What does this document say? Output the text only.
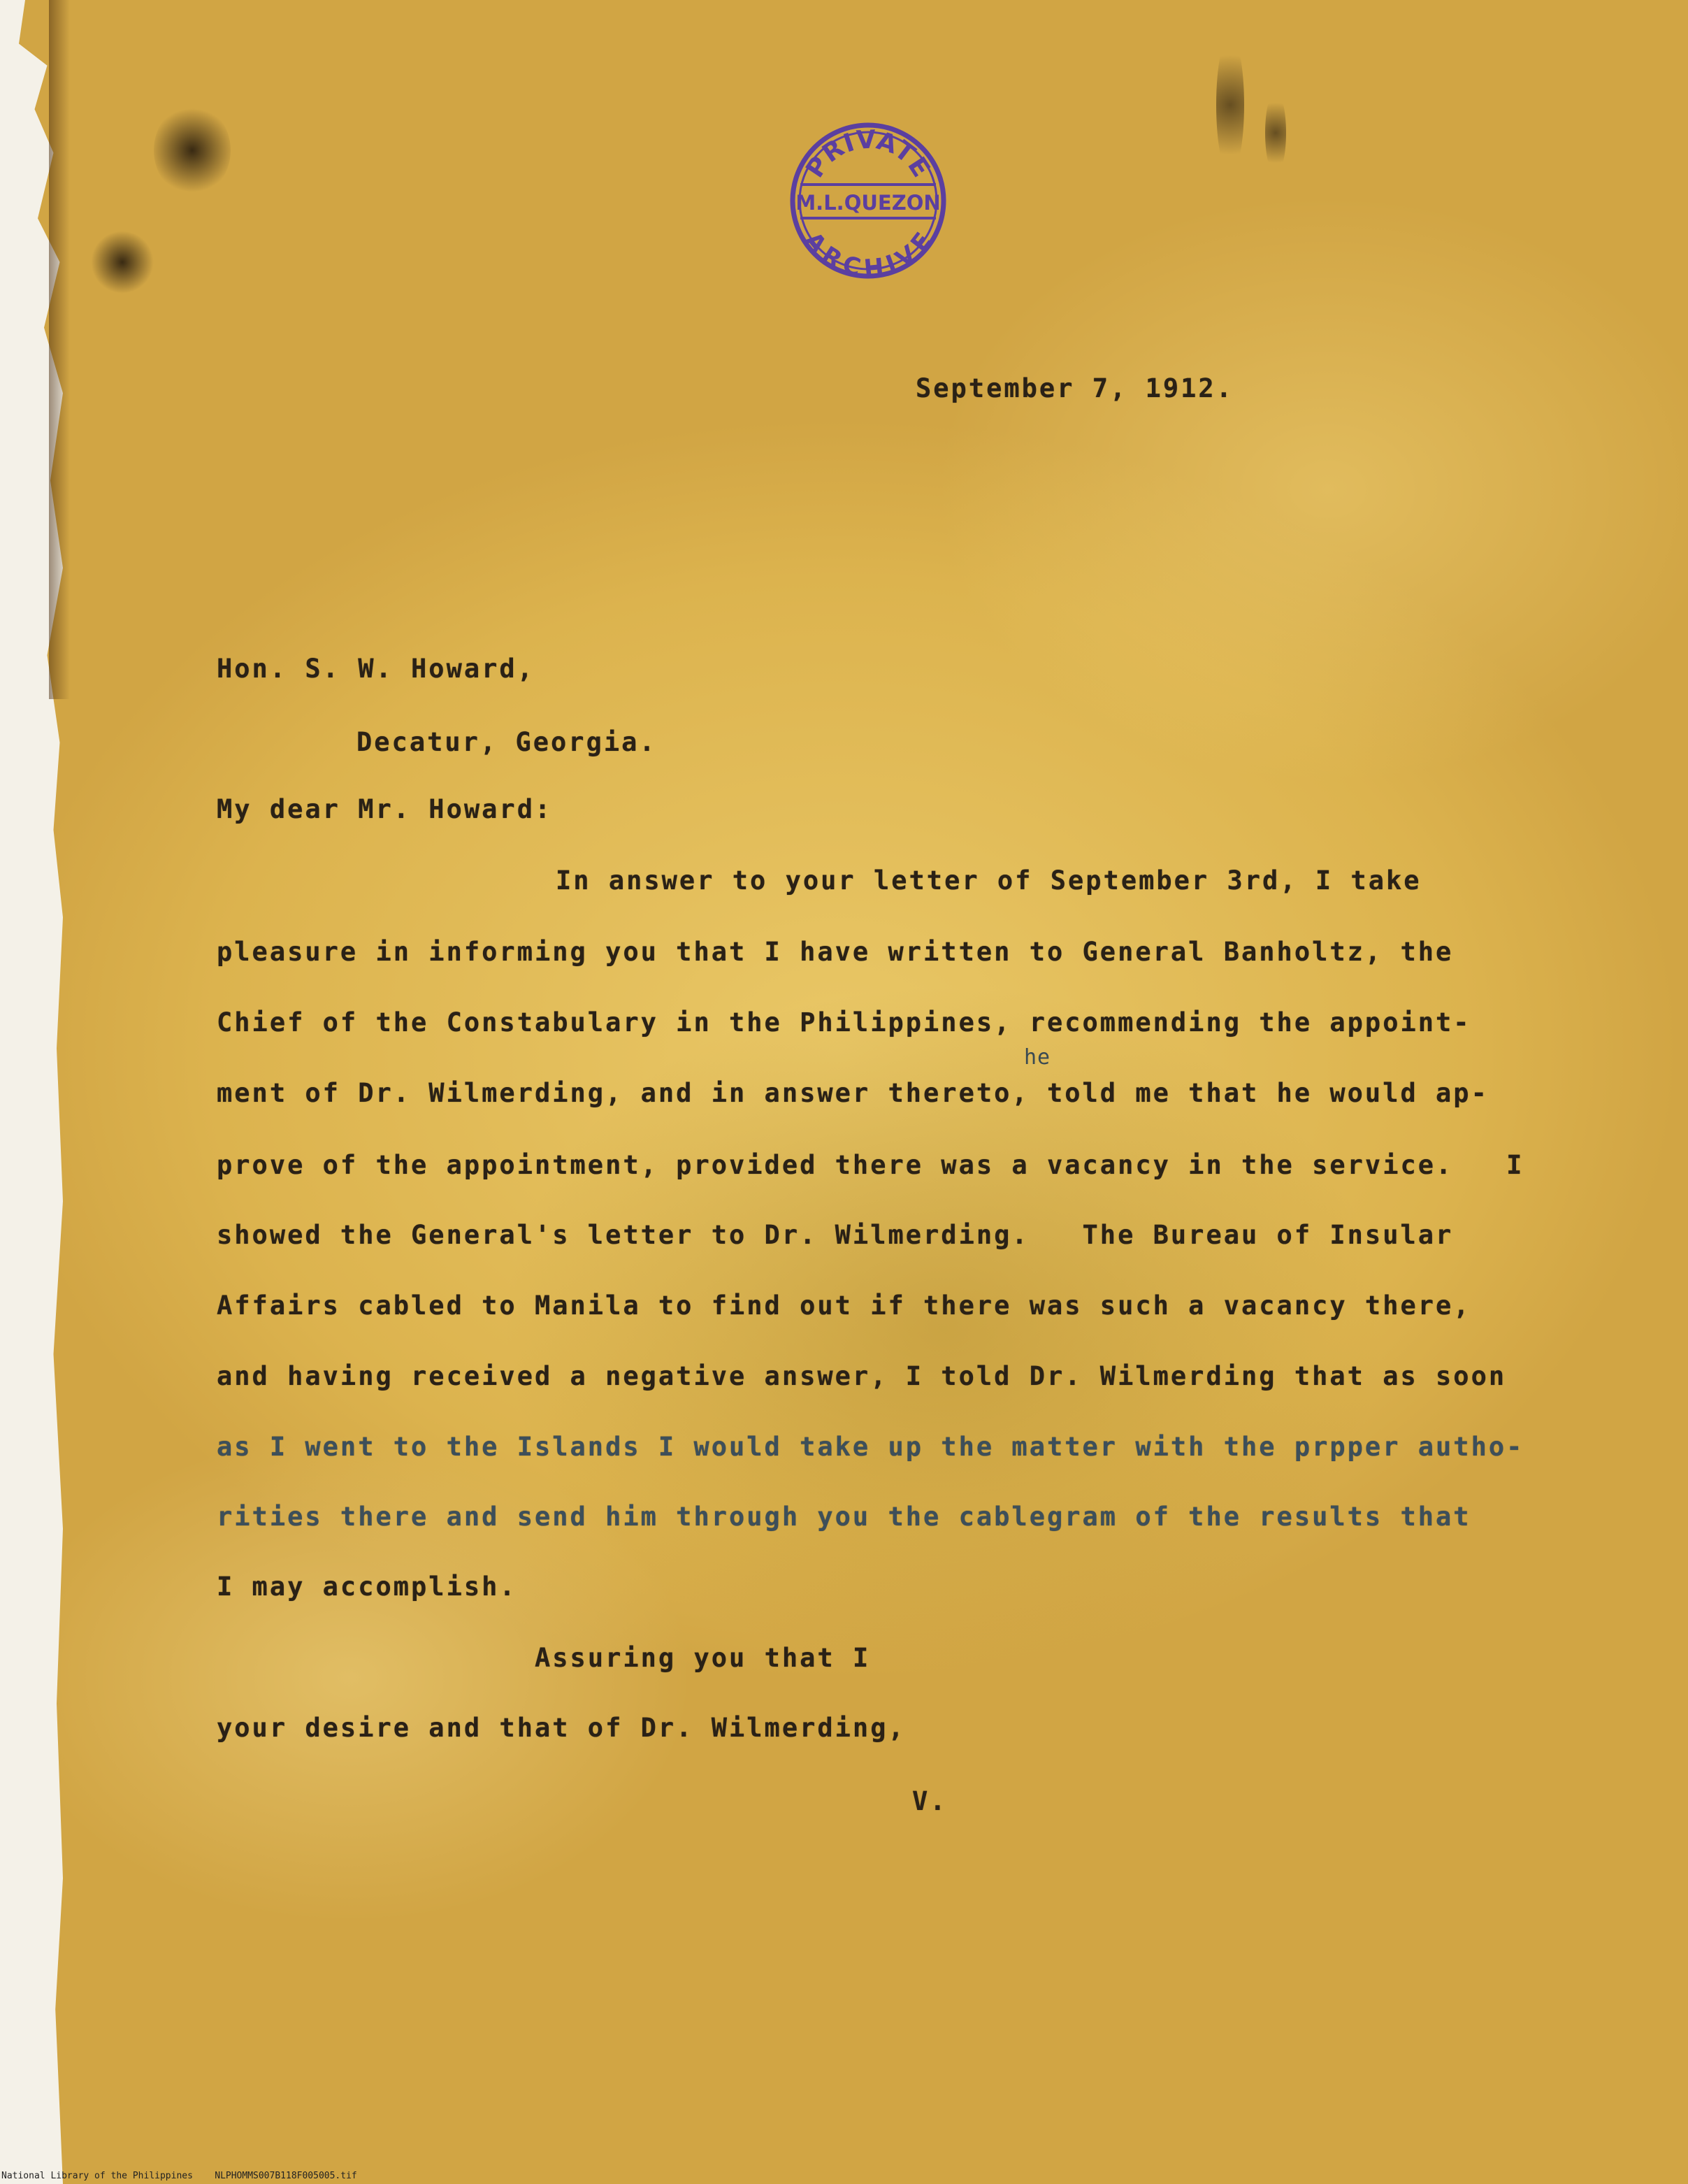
PRIVATE
M.L.QUEZON
ARCHIVE

September 7, 1912.

Hon. S. W. Howard,

Decatur, Georgia.

My dear Mr. Howard:

In answer to your letter of September 3rd, I take

pleasure in informing you that I have written to General Banholtz, the

Chief of the Constabulary in the Philippines, recommending the appoint-

he

ment of Dr. Wilmerding, and in answer thereto, told me that he would ap-

prove of the appointment, provided there was a vacancy in the service.   I

showed the General's letter to Dr. Wilmerding.   The Bureau of Insular

Affairs cabled to Manila to find out if there was such a vacancy there,

and having received a negative answer, I told Dr. Wilmerding that as soon

as I went to the Islands I would take up the matter with the prpper autho-

rities there and send him through you the cablegram of the results that

I may accomplish.

Assuring you that I

your desire and that of Dr. Wilmerding,

V.

National Library of the Philippines    NLPHOMMS007B118F005005.tif
